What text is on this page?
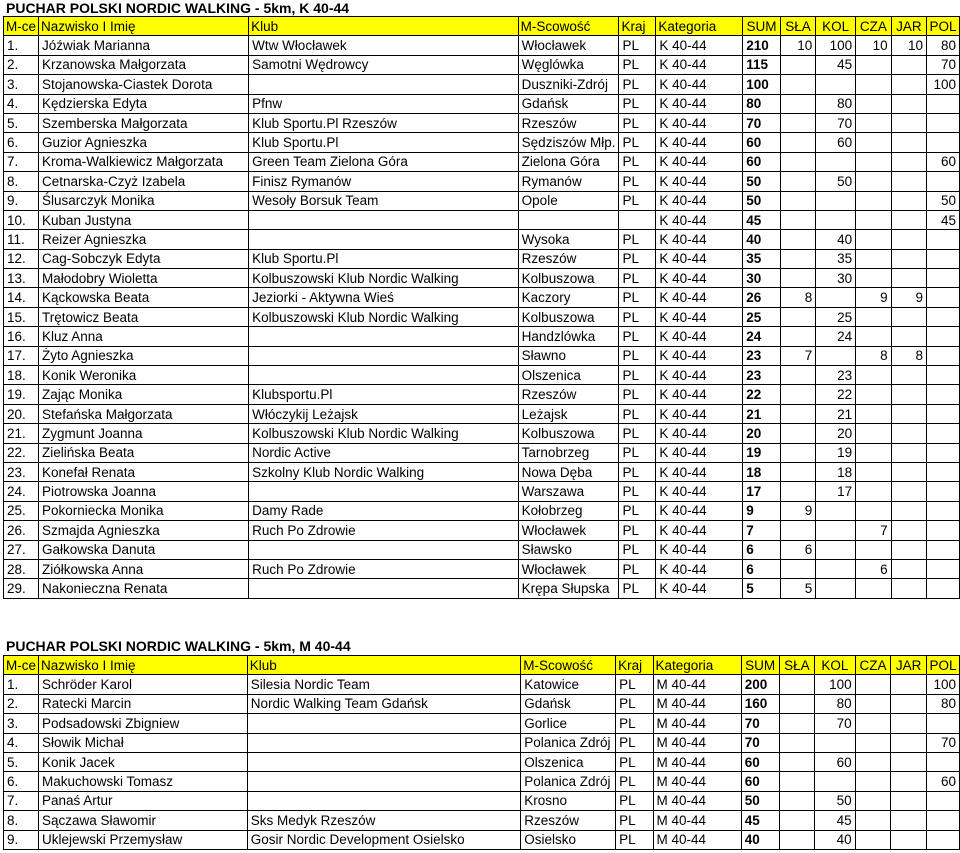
PUCHAR POLSKI NORDIC WALKING - 5km, K 40-44
M-ce	Nazwisko I Imię	Klub	M-Scowość	Kraj	Kategoria	SUM	SŁA	KOL	CZA	JAR	POL
1.	Jóźwiak Marianna	Wtw Włocławek	Włocławek	PL	K 40-44	210	10	100	10	10	80
2.	Krzanowska Małgorzata	Samotni Wędrowcy	Węglówka	PL	K 40-44	115		45			70
3.	Stojanowska-Ciastek Dorota		Duszniki-Zdrój	PL	K 40-44	100					100
4.	Kędzierska Edyta	Pfnw	Gdańsk	PL	K 40-44	80		80			
5.	Szemberska Małgorzata	Klub Sportu.Pl Rzeszów	Rzeszów	PL	K 40-44	70		70			
6.	Guzior Agnieszka	Klub Sportu.Pl	Sędziszów Młp.	PL	K 40-44	60		60			
7.	Kroma-Walkiewicz Małgorzata	Green Team Zielona Góra	Zielona Góra	PL	K 40-44	60					60
8.	Cetnarska-Czyż Izabela	Finisz Rymanów	Rymanów	PL	K 40-44	50		50			
9.	Ślusarczyk Monika	Wesoły Borsuk Team	Opole	PL	K 40-44	50					50
10.	Kuban Justyna				K 40-44	45					45
11.	Reizer Agnieszka		Wysoka	PL	K 40-44	40		40			
12.	Cag-Sobczyk Edyta	Klub Sportu.Pl	Rzeszów	PL	K 40-44	35		35			
13.	Małodobry Wioletta	Kolbuszowski Klub Nordic Walking	Kolbuszowa	PL	K 40-44	30		30			
14.	Kąckowska Beata	Jeziorki - Aktywna Wieś	Kaczory	PL	K 40-44	26	8		9	9	
15.	Trętowicz Beata	Kolbuszowski Klub Nordic Walking	Kolbuszowa	PL	K 40-44	25		25			
16.	Kluz Anna		Handzlówka	PL	K 40-44	24		24			
17.	Żyto Agnieszka		Sławno	PL	K 40-44	23	7		8	8	
18.	Konik Weronika		Olszenica	PL	K 40-44	23		23			
19.	Zając Monika	Klubsportu.Pl	Rzeszów	PL	K 40-44	22		22			
20.	Stefańska Małgorzata	Włóczykij Leżajsk	Leżajsk	PL	K 40-44	21		21			
21.	Zygmunt Joanna	Kolbuszowski Klub Nordic Walking	Kolbuszowa	PL	K 40-44	20		20			
22.	Zielińska Beata	Nordic Active	Tarnobrzeg	PL	K 40-44	19		19			
23.	Konefał Renata	Szkolny Klub Nordic Walking	Nowa Dęba	PL	K 40-44	18		18			
24.	Piotrowska Joanna		Warszawa	PL	K 40-44	17		17			
25.	Pokorniecka Monika	Damy Rade	Kołobrzeg	PL	K 40-44	9	9				
26.	Szmajda Agnieszka	Ruch Po Zdrowie	Włocławek	PL	K 40-44	7			7		
27.	Gałkowska Danuta		Sławsko	PL	K 40-44	6	6				
28.	Ziółkowska Anna	Ruch Po Zdrowie	Włocławek	PL	K 40-44	6			6		
29.	Nakonieczna Renata		Krępa Słupska	PL	K 40-44	5	5				
PUCHAR POLSKI NORDIC WALKING - 5km, M 40-44
M-ce	Nazwisko I Imię	Klub	M-Scowość	Kraj	Kategoria	SUM	SŁA	KOL	CZA	JAR	POL
1.	Schröder Karol	Silesia Nordic Team	Katowice	PL	M 40-44	200		100			100
2.	Ratecki Marcin	Nordic Walking Team Gdańsk	Gdańsk	PL	M 40-44	160		80			80
3.	Podsadowski Zbigniew		Gorlice	PL	M 40-44	70		70			
4.	Słowik Michał		Polanica Zdrój	PL	M 40-44	70					70
5.	Konik Jacek		Olszenica	PL	M 40-44	60		60			
6.	Makuchowski Tomasz		Polanica Zdrój	PL	M 40-44	60					60
7.	Panaś Artur		Krosno	PL	M 40-44	50		50			
8.	Sączawa Sławomir	Sks Medyk Rzeszów	Rzeszów	PL	M 40-44	45		45			
9.	Uklejewski Przemysław	Gosir Nordic Development Osielsko	Osielsko	PL	M 40-44	40		40			
